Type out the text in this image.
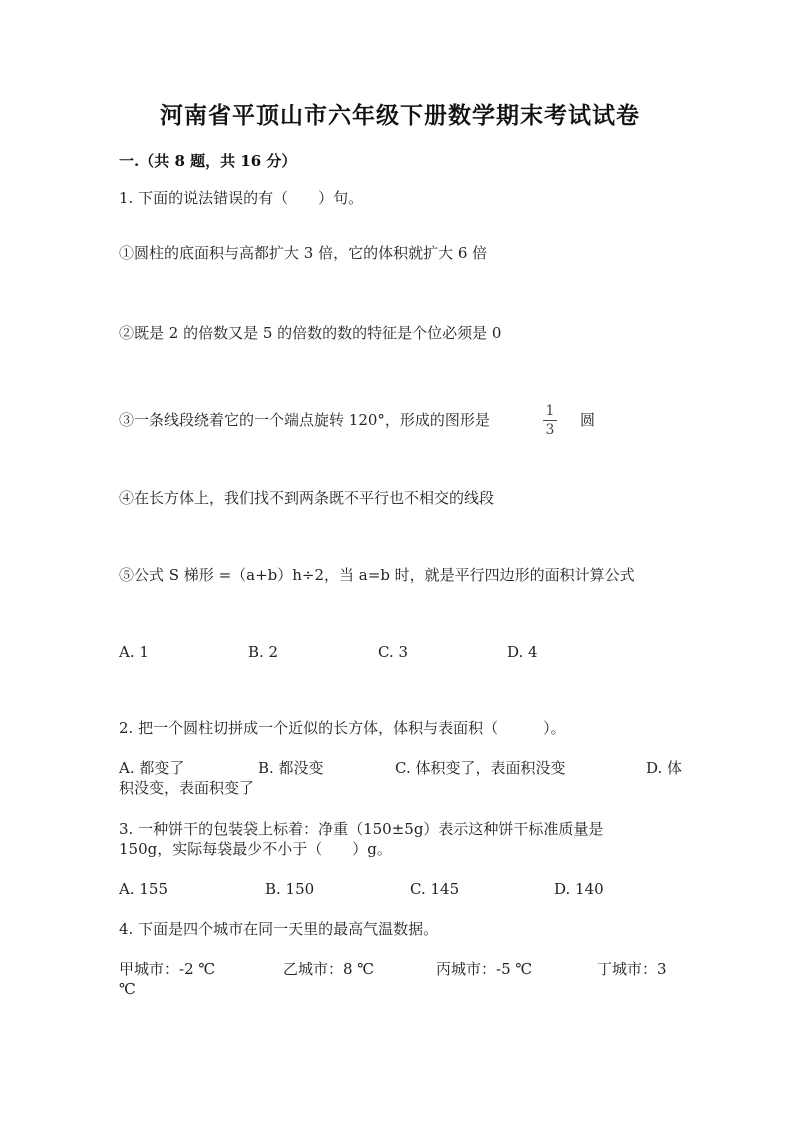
河南省平顶山市六年级下册数学期末考试试卷
一.（共 8 题，共 16 分）
1. 下面的说法错误的有（　　）句。
①圆柱的底面积与高都扩大 3 倍，它的体积就扩大 6 倍
②既是 2 的倍数又是 5 的倍数的数的特征是个位必须是 0
③一条线段绕着它的一个端点旋转 120°，形成的图形是	1
3
圆
④在长方体上，我们找不到两条既不平行也不相交的线段
⑤公式 S 梯形 =（a+b）h÷2，当 a=b 时，就是平行四边形的面积计算公式
A. 1	B. 2	C. 3	D. 4
2. 把一个圆柱切拼成一个近似的长方体，体积与表面积（　　　）。
A. 都变了	B. 都没变	C. 体积变了，表面积没变	D. 体
积没变，表面积变了
3. 一种饼干的包装袋上标着：净重（150±5g）表示这种饼干标准质量是
150g，实际每袋最少不小于（　　）g。
A. 155	B. 150	C. 145	D. 140
4. 下面是四个城市在同一天里的最高气温数据。
甲城市：-2 ℃	乙城市：8 ℃	丙城市：-5 ℃	丁城市：3
℃
